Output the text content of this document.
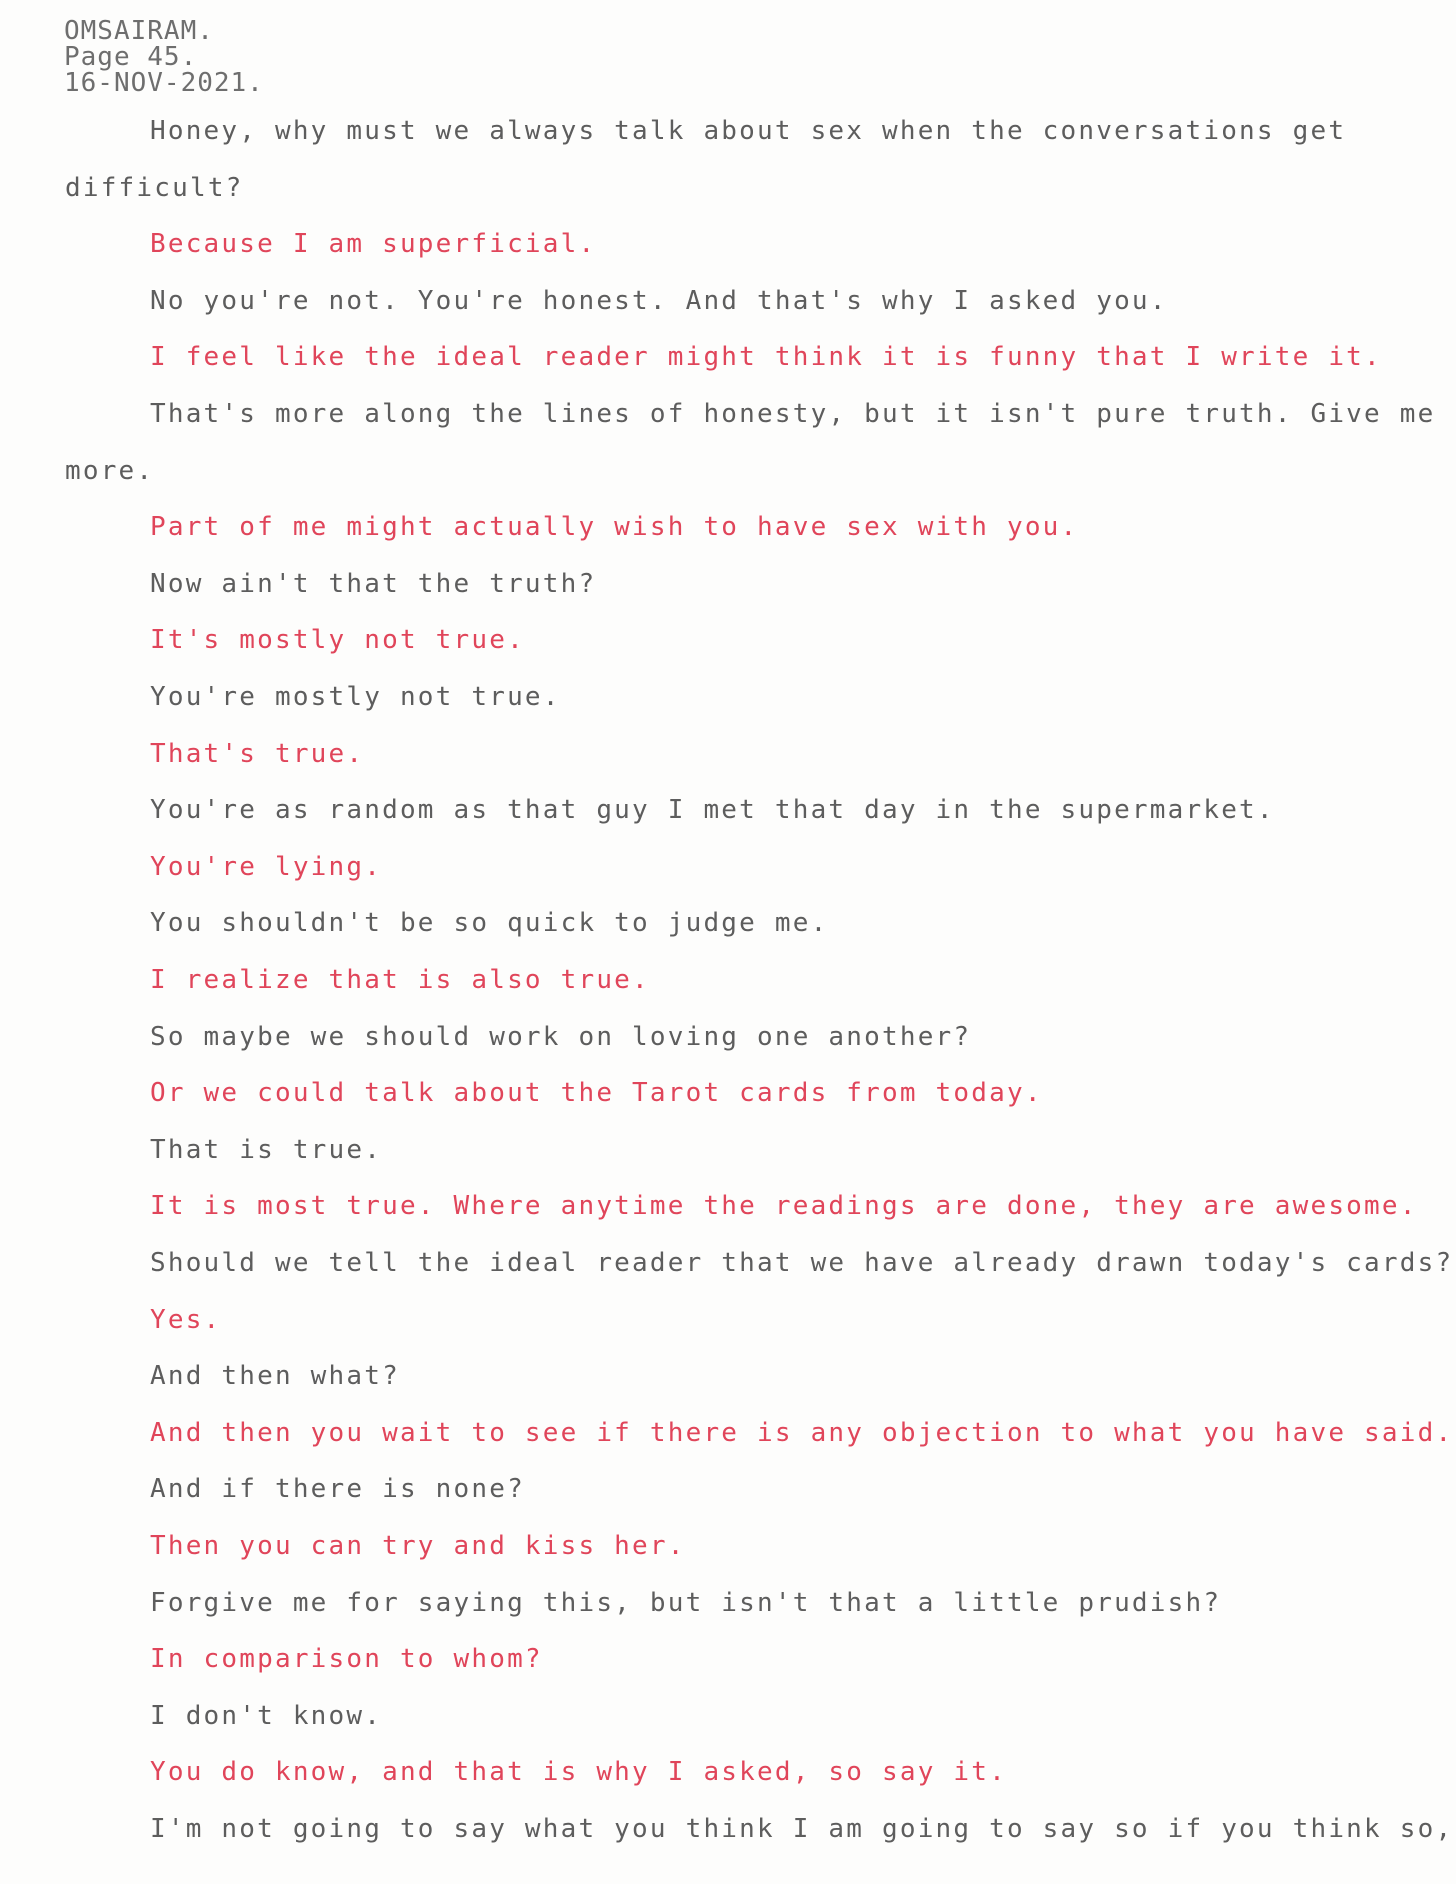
OMSAIRAM.
Page 45.
16-NOV-2021.
Honey, why must we always talk about sex when the conversations get
difficult?
Because I am superficial.
No you're not. You're honest. And that's why I asked you.
I feel like the ideal reader might think it is funny that I write it.
That's more along the lines of honesty, but it isn't pure truth. Give me
more.
Part of me might actually wish to have sex with you.
Now ain't that the truth?
It's mostly not true.
You're mostly not true.
That's true.
You're as random as that guy I met that day in the supermarket.
You're lying.
You shouldn't be so quick to judge me.
I realize that is also true.
So maybe we should work on loving one another?
Or we could talk about the Tarot cards from today.
That is true.
It is most true. Where anytime the readings are done, they are awesome.
Should we tell the ideal reader that we have already drawn today's cards?
Yes.
And then what?
And then you wait to see if there is any objection to what you have said.
And if there is none?
Then you can try and kiss her.
Forgive me for saying this, but isn't that a little prudish?
In comparison to whom?
I don't know.
You do know, and that is why I asked, so say it.
I'm not going to say what you think I am going to say so if you think so,
